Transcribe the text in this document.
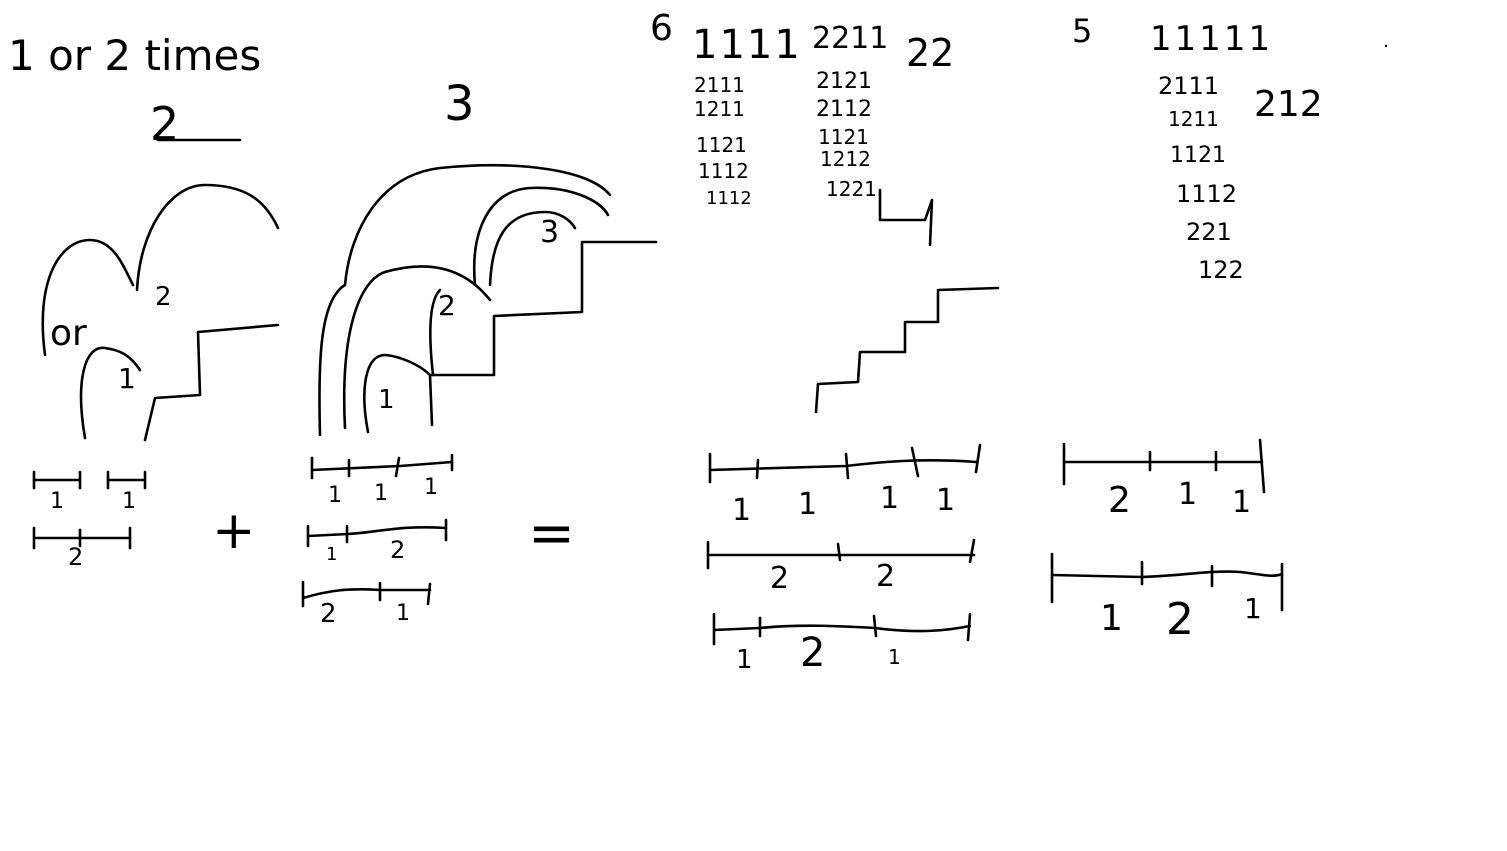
1 or 2 times
2
or
2
1
1	1
2 +
3
3
2
1
1 1 1
1 2
2	1
=
6 1111 2211 22
2111
1211
1121
1112
1112
2121
2112
1121
1212
1221
1 1 1 1
2	2
1 2	1
5 11111
2111
1211
1121
1112
221
122
212
2 1 1
1 2 1
